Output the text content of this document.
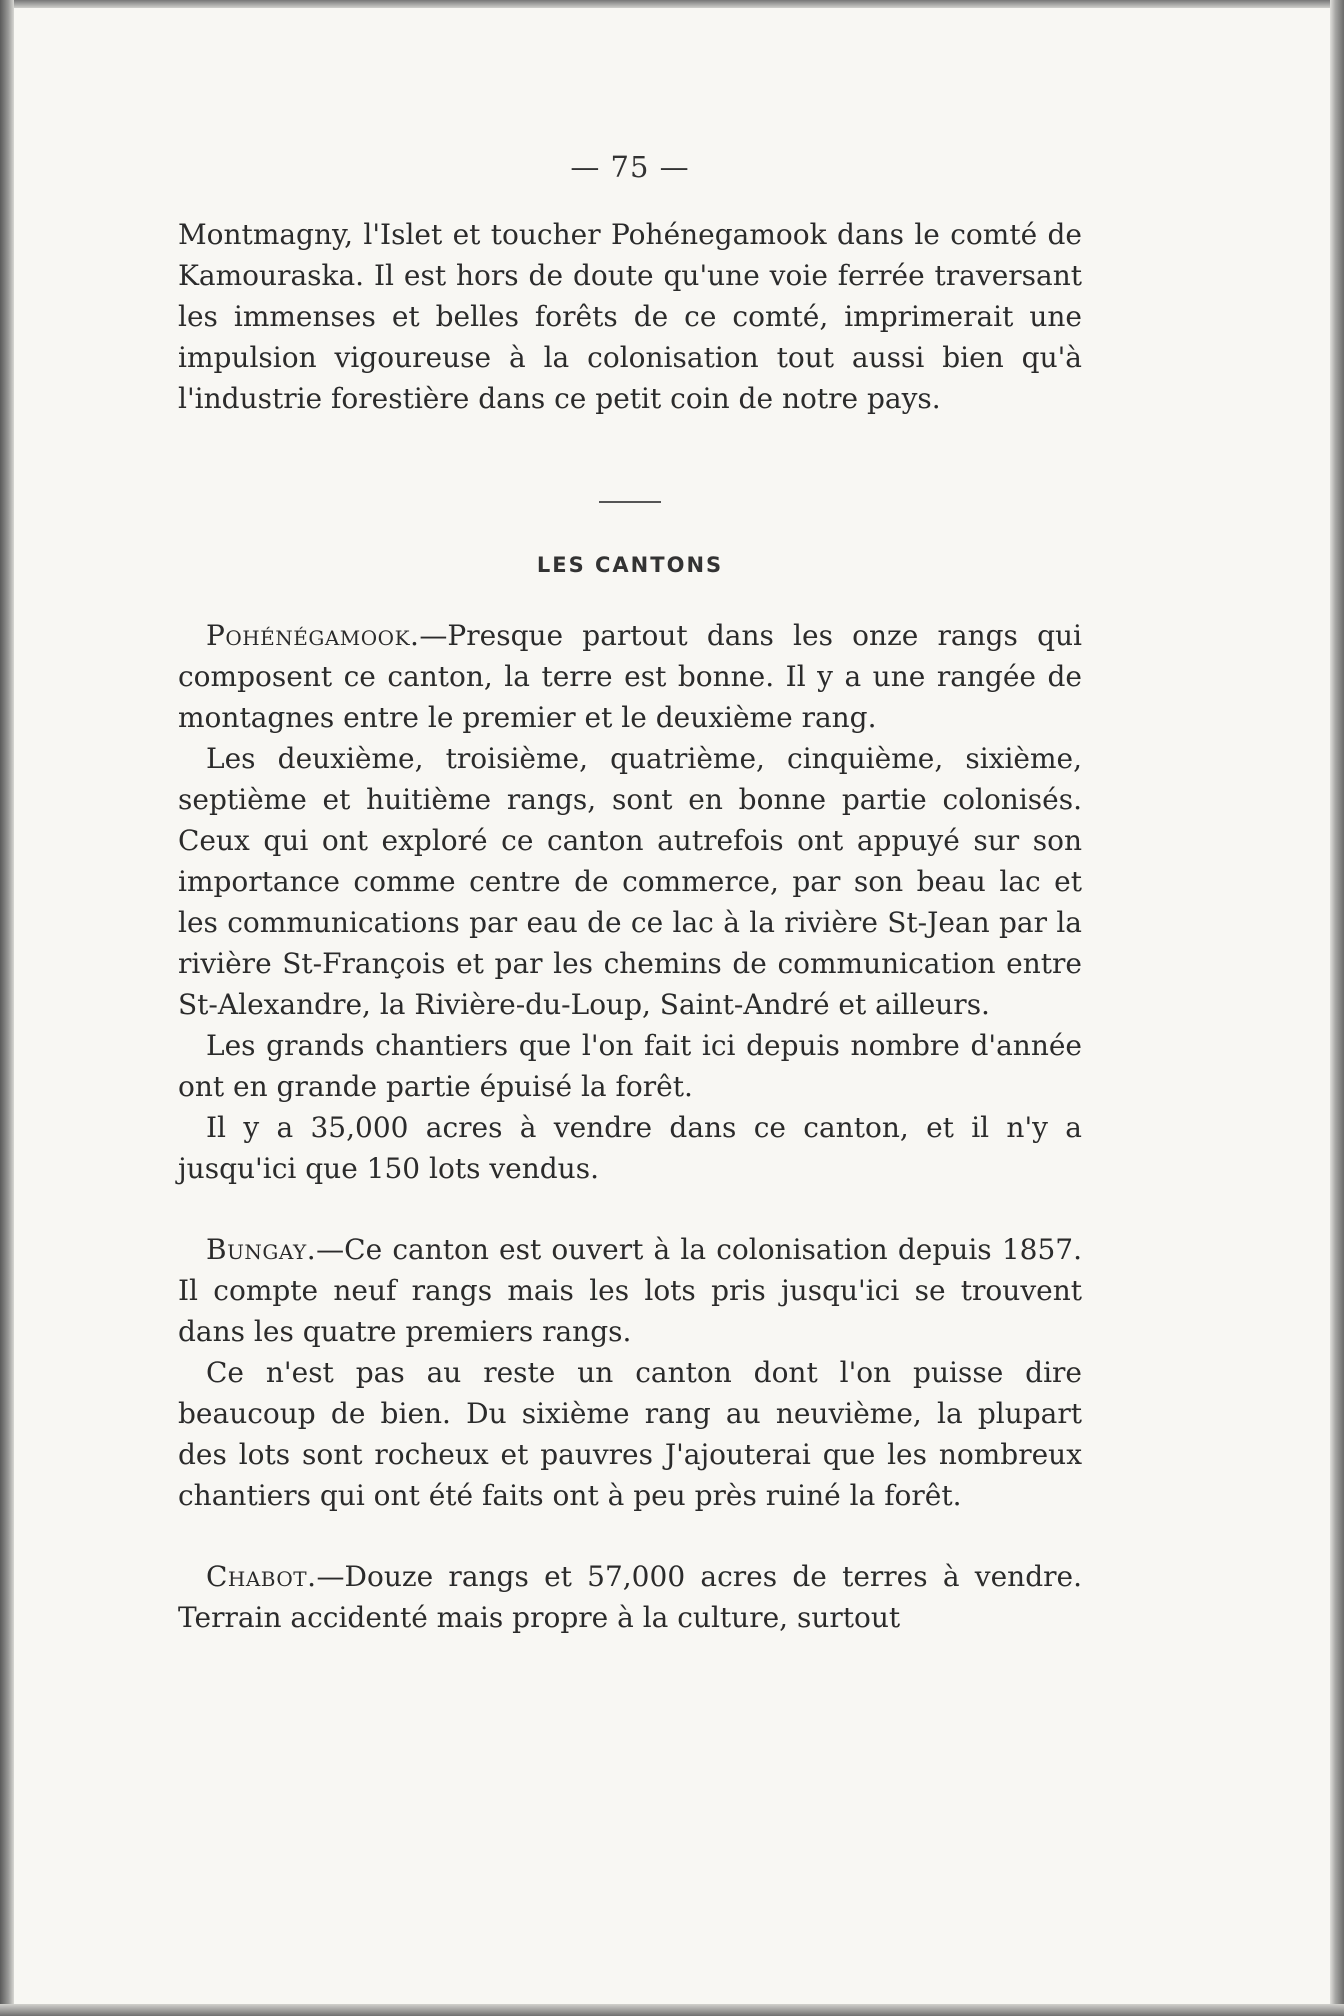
— 75 —

Montmagny, l'Islet et toucher Pohénegamook dans le comté de Kamouraska. Il est hors de doute qu'une voie ferrée traversant les immenses et belles forêts de ce comté, imprimerait une impulsion vigoureuse à la colonisation tout aussi bien qu'à l'industrie forestière dans ce petit coin de notre pays.

LES CANTONS

Pohénégamook.—Presque partout dans les onze rangs qui composent ce canton, la terre est bonne. Il y a une rangée de montagnes entre le premier et le deuxième rang.

Les deuxième, troisième, quatrième, cinquième, sixième, septième et huitième rangs, sont en bonne partie colonisés. Ceux qui ont exploré ce canton autrefois ont appuyé sur son importance comme centre de commerce, par son beau lac et les communications par eau de ce lac à la rivière St-Jean par la rivière St-François et par les chemins de communication entre St-Alexandre, la Rivière-du-Loup, Saint-André et ailleurs.

Les grands chantiers que l'on fait ici depuis nombre d'année ont en grande partie épuisé la forêt.

Il y a 35,000 acres à vendre dans ce canton, et il n'y a jusqu'ici que 150 lots vendus.

Bungay.—Ce canton est ouvert à la colonisation depuis 1857. Il compte neuf rangs mais les lots pris jusqu'ici se trouvent dans les quatre premiers rangs.

Ce n'est pas au reste un canton dont l'on puisse dire beaucoup de bien. Du sixième rang au neuvième, la plupart des lots sont rocheux et pauvres J'ajouterai que les nombreux chantiers qui ont été faits ont à peu près ruiné la forêt.

Chabot.—Douze rangs et 57,000 acres de terres à vendre. Terrain accidenté mais propre à la culture, surtout
